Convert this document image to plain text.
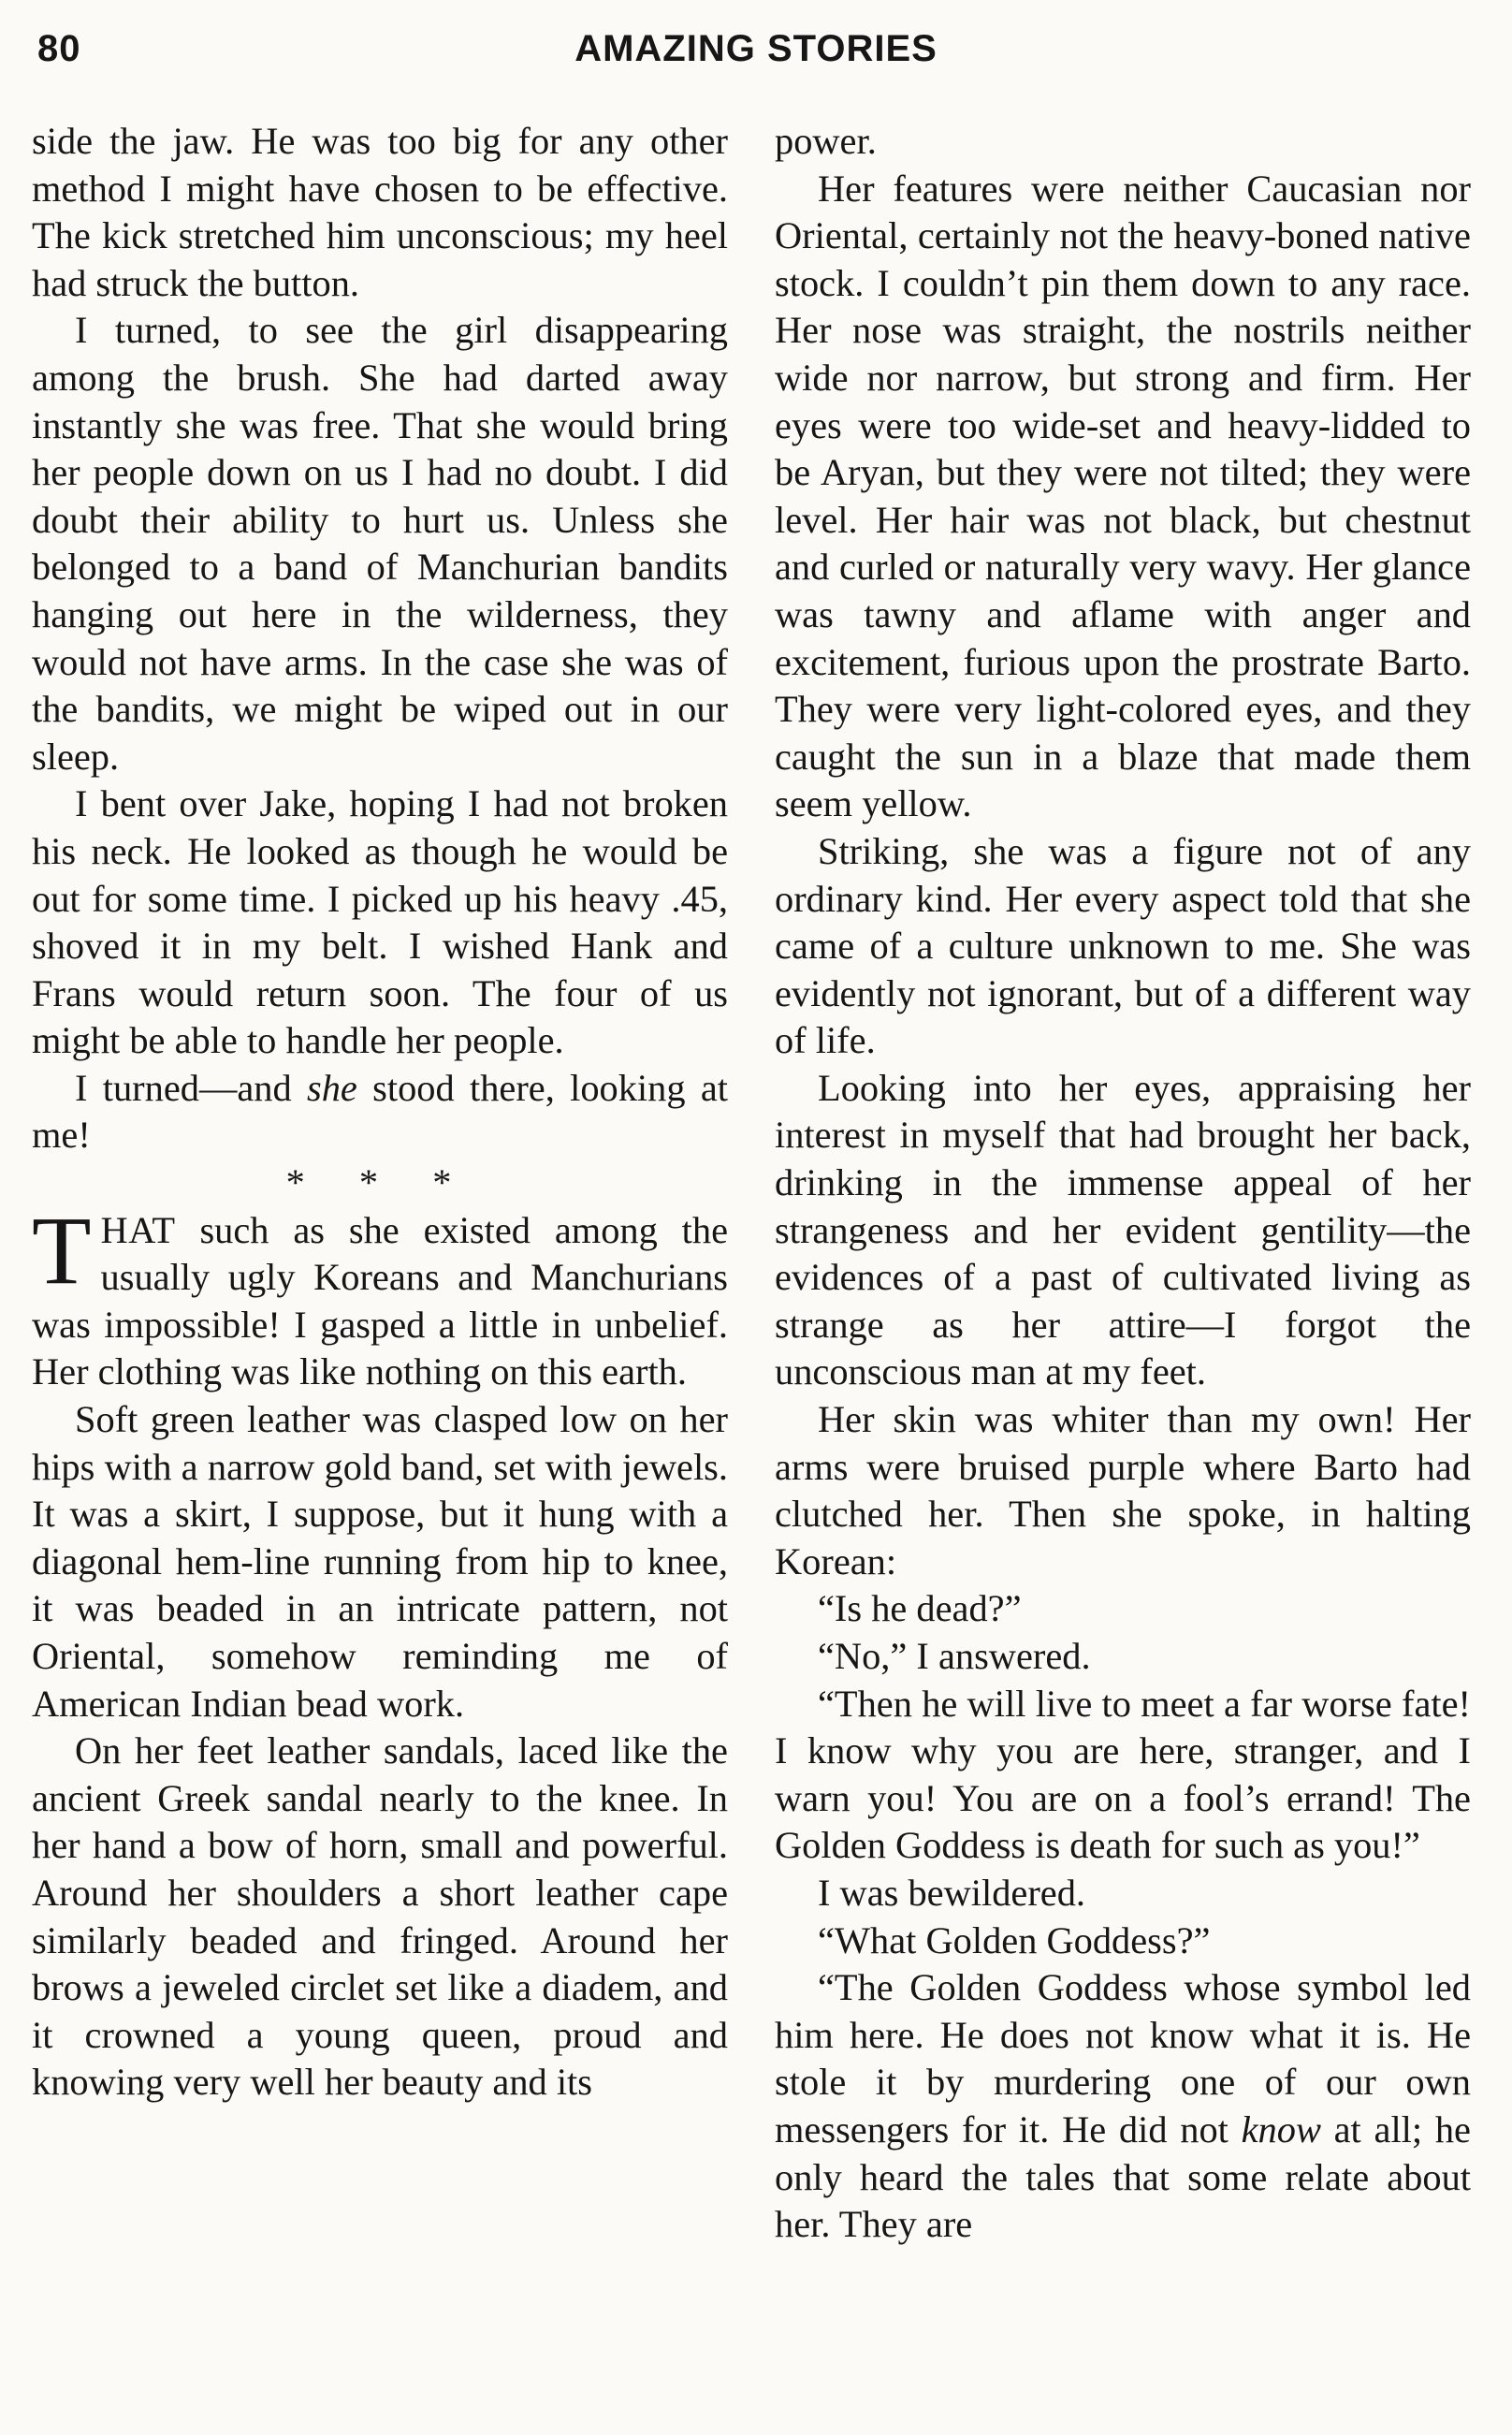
80	AMAZING STORIES

side the jaw. He was too big for any other method I might have chosen to be effective. The kick stretched him unconscious; my heel had struck the button.

I turned, to see the girl disappearing among the brush. She had darted away instantly she was free. That she would bring her people down on us I had no doubt. I did doubt their ability to hurt us. Unless she belonged to a band of Manchurian bandits hanging out here in the wilderness, they would not have arms. In the case she was of the bandits, we might be wiped out in our sleep.

I bent over Jake, hoping I had not broken his neck. He looked as though he would be out for some time. I picked up his heavy .45, shoved it in my belt. I wished Hank and Frans would return soon. The four of us might be able to handle her people.

I turned—and she stood there, looking at me!

* * *

THAT such as she existed among the usually ugly Koreans and Manchurians was impossible! I gasped a little in unbelief. Her clothing was like nothing on this earth.

Soft green leather was clasped low on her hips with a narrow gold band, set with jewels. It was a skirt, I suppose, but it hung with a diagonal hem-line running from hip to knee, it was beaded in an intricate pattern, not Oriental, somehow reminding me of American Indian bead work.

On her feet leather sandals, laced like the ancient Greek sandal nearly to the knee. In her hand a bow of horn, small and powerful. Around her shoulders a short leather cape similarly beaded and fringed. Around her brows a jeweled circlet set like a diadem, and it crowned a young queen, proud and knowing very well her beauty and its

power.

Her features were neither Caucasian nor Oriental, certainly not the heavy-boned native stock. I couldn’t pin them down to any race. Her nose was straight, the nostrils neither wide nor narrow, but strong and firm. Her eyes were too wide-set and heavy-lidded to be Aryan, but they were not tilted; they were level. Her hair was not black, but chestnut and curled or naturally very wavy. Her glance was tawny and aflame with anger and excitement, furious upon the prostrate Barto. They were very light-colored eyes, and they caught the sun in a blaze that made them seem yellow.

Striking, she was a figure not of any ordinary kind. Her every aspect told that she came of a culture unknown to me. She was evidently not ignorant, but of a different way of life.

Looking into her eyes, appraising her interest in myself that had brought her back, drinking in the immense appeal of her strangeness and her evident gentility—the evidences of a past of cultivated living as strange as her attire—I forgot the unconscious man at my feet.

Her skin was whiter than my own! Her arms were bruised purple where Barto had clutched her. Then she spoke, in halting Korean:

“Is he dead?”

“No,” I answered.

“Then he will live to meet a far worse fate! I know why you are here, stranger, and I warn you! You are on a fool’s errand! The Golden Goddess is death for such as you!”

I was bewildered.

“What Golden Goddess?”

“The Golden Goddess whose symbol led him here. He does not know what it is. He stole it by murdering one of our own messengers for it. He did not know at all; he only heard the tales that some relate about her. They are
